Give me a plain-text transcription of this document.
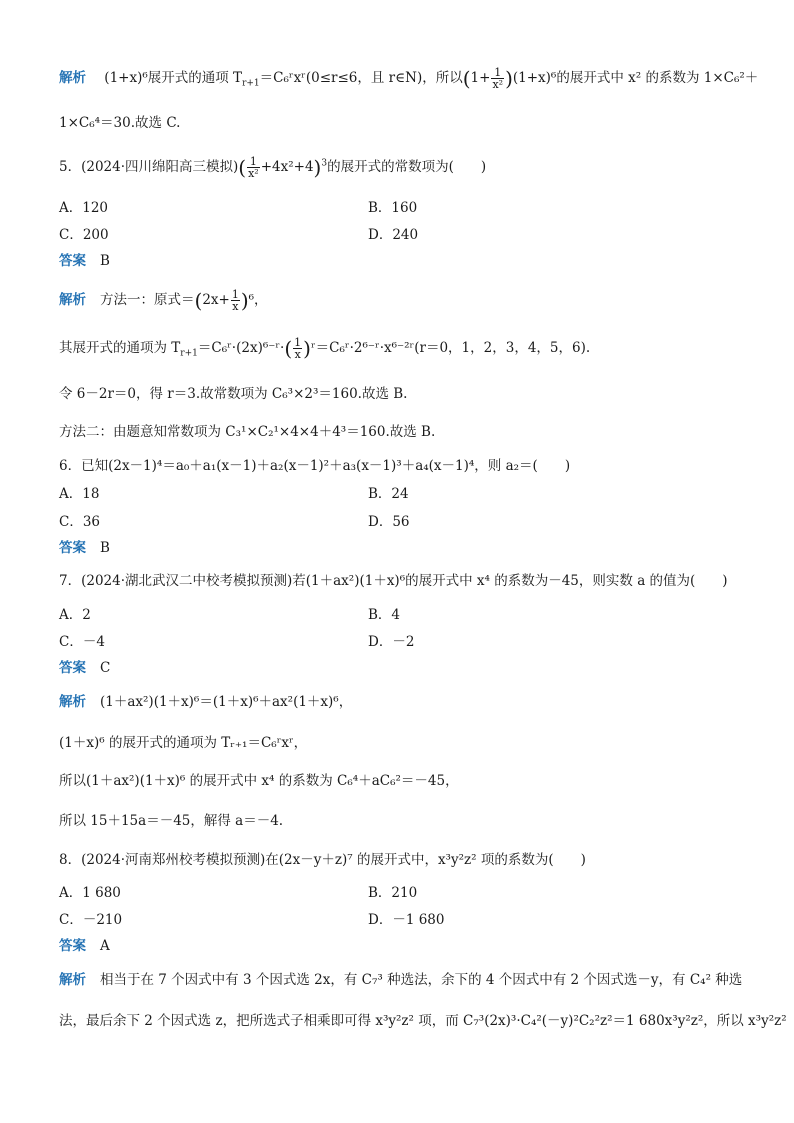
解析 (1+x)⁶展开式的通项 $T_{r+1}=C_6ʳxʳ(0\le r\le 6$，且 r∈N)，所以$(1+ \frac{1}{\text{x²}} )(1+x)^6$的展开式中 x² 的系数为 1×C₆²＋
1×C₆⁴＝30.故选 C.
5．(2024·四川绵阳高三模拟)( $\frac{1}{\text{x²}} +4x^2+4)^3$的展开式的常数项为(　　)
A．120	B．160
C．200	D．240
答案 B
解析 方法一：原式$=(2x+ \frac{1}{x} )^6$，
其展开式的通项为 $T_{r+1}=C_6ʳ\cdot(2x)^{6-}ʳ\cdot( \frac{1}{x}$ )ʳ＝C₆ʳ·2⁶⁻ʳ·x⁶⁻²ʳ(r＝0，1，2，3，4，5，6).
令 6－2r＝0，得 r＝3.故常数项为 C₆³×2³＝160.故选 B.
方法二：由题意知常数项为 C₃¹×C₂¹×4×4＋4³＝160.故选 B.
6．已知(2x－1)⁴＝a₀＋a₁(x－1)＋a₂(x－1)²＋a₃(x－1)³＋a₄(x－1)⁴，则 a₂＝(　　)
A．18	B．24
C．36	D．56
答案 B
7．(2024·湖北武汉二中校考模拟预测)若(1＋ax²)(1＋x)⁶的展开式中 x⁴ 的系数为－45，则实数 a 的值为(　　)
A．2	B．4
C．－4	D．－2
答案 C
解析 (1＋ax²)(1＋x)⁶＝(1＋x)⁶＋ax²(1＋x)⁶，
(1＋x)⁶ 的展开式的通项为 Tᵣ₊₁＝C₆ʳxʳ，
所以(1＋ax²)(1＋x)⁶ 的展开式中 x⁴ 的系数为 C₆⁴＋aC₆²＝－45，
所以 15＋15a＝－45，解得 a＝－4.
8．(2024·河南郑州校考模拟预测)在(2x－y＋z)⁷ 的展开式中，x³y²z² 项的系数为(　　)
A．1 680	B．210
C．－210	D．－1 680
答案 A
解析 相当于在 7 个因式中有 3 个因式选 2x，有 C₇³ 种选法，余下的 4 个因式中有 2 个因式选－y，有 C₄² 种选
法，最后余下 2 个因式选 z，把所选式子相乘即可得 x³y²z² 项，而 C₇³(2x)³·C₄²(－y)²C₂²z²＝1 680x³y²z²，所以 x³y²z²
